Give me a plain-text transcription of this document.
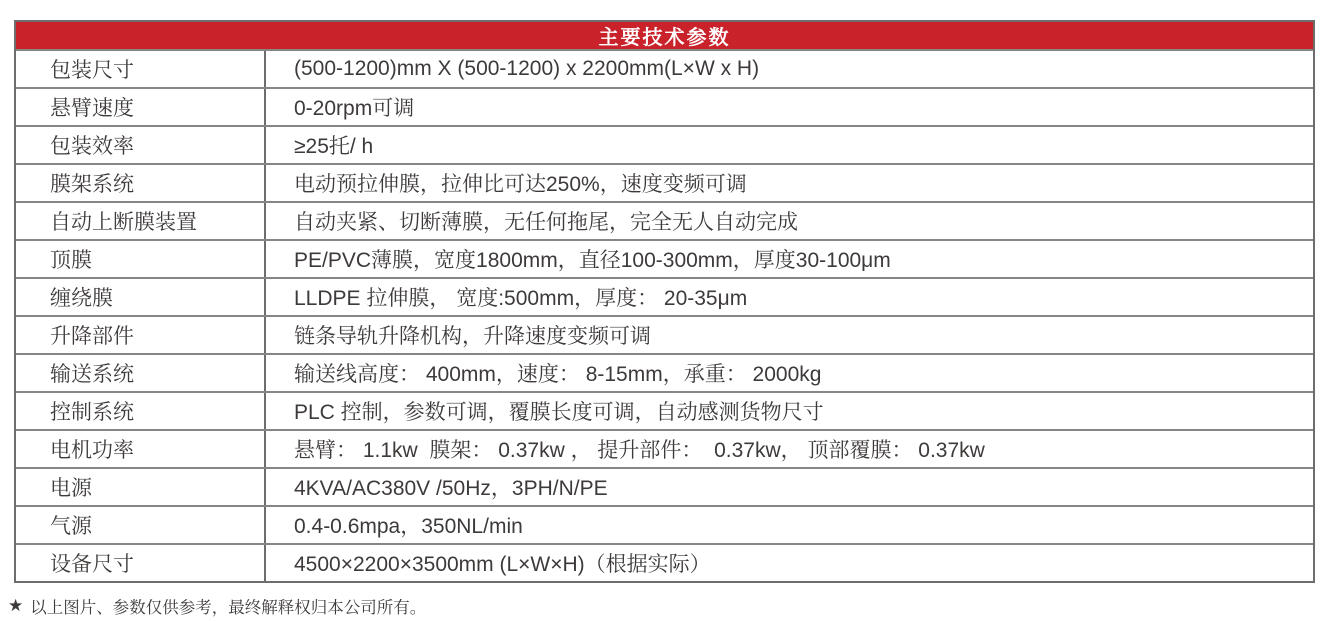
主要技术参数
包装尺寸	(500-1200)mm X (500-1200) x 2200mm(L×W x H)
悬臂速度	0-20rpm可调
包装效率	≥25托/ h
膜架系统	电动预拉伸膜，拉伸比可达250%，速度变频可调
自动上断膜装置	自动夹紧、切断薄膜，无任何拖尾，完全无人自动完成
顶膜	PE/PVC薄膜，宽度1800mm，直径100-300mm，厚度30-100μm
缠绕膜	LLDPE 拉伸膜， 宽度:500mm，厚度： 20-35μm
升降部件	链条导轨升降机构，升降速度变频可调
输送系统	输送线高度： 400mm，速度： 8-15mm，承重： 2000kg
控制系统	PLC 控制，参数可调，覆膜长度可调，自动感测货物尺寸
电机功率	悬臂： 1.1kw  膜架： 0.37kw ， 提升部件：  0.37kw， 顶部覆膜： 0.37kw
电源	4KVA/AC380V /50Hz，3PH/N/PE
气源	0.4-0.6mpa，350NL/min
设备尺寸	4500×2200×3500mm (L×W×H)（根据实际）
★ 以上图片、参数仅供参考，最终解释权归本公司所有。
